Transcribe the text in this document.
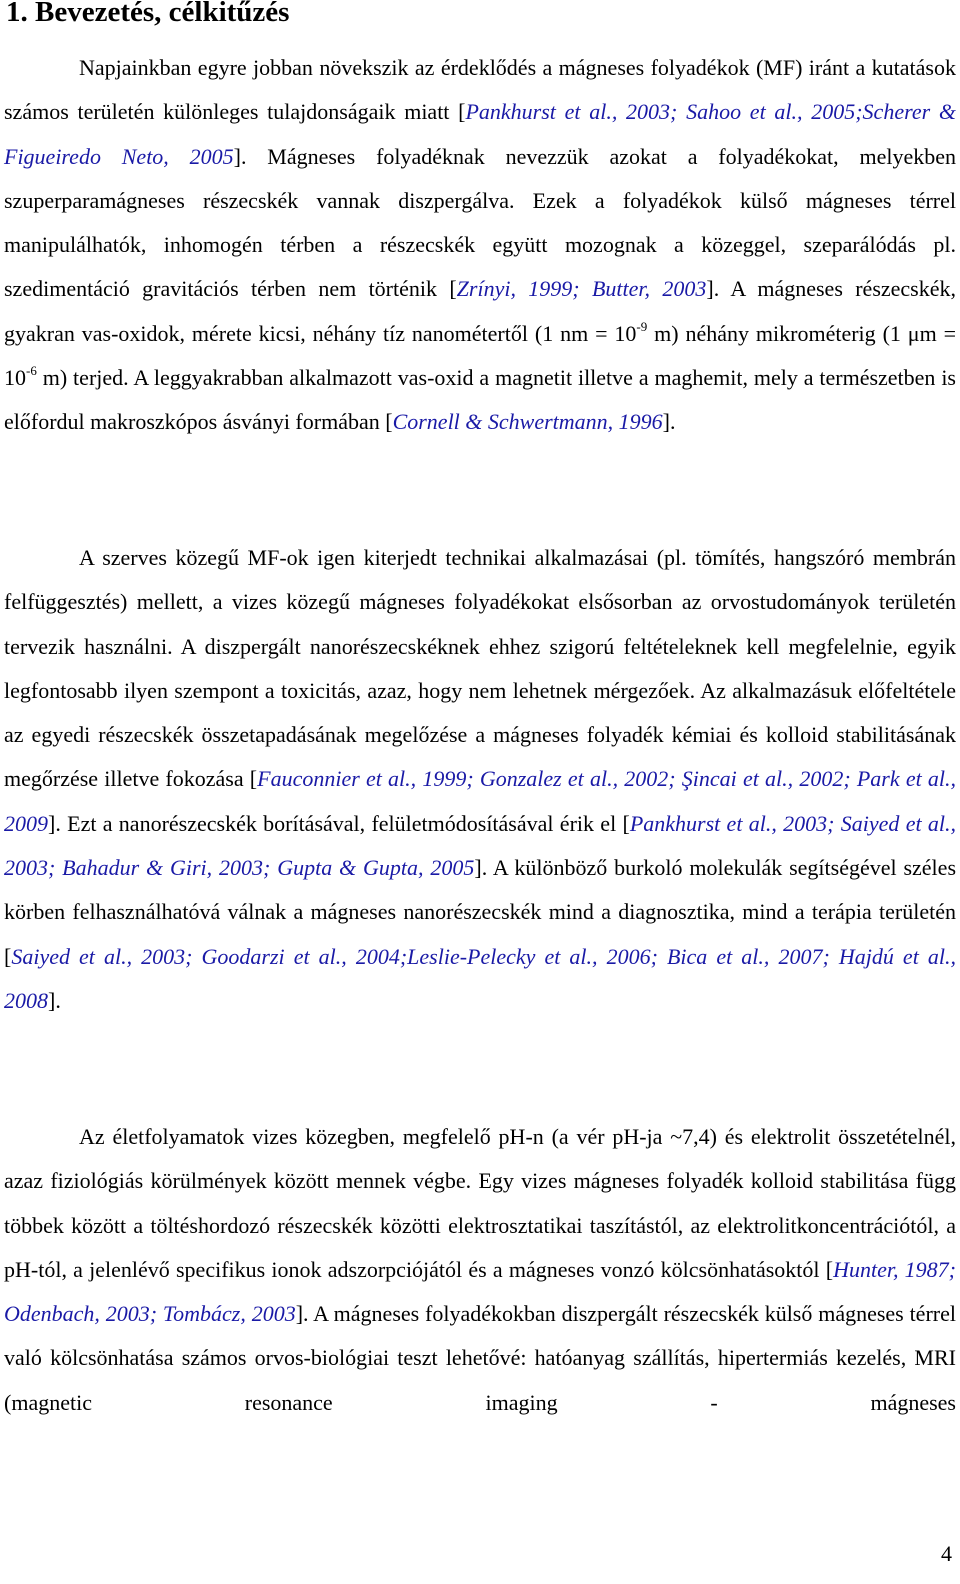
1. Bevezetés, célkitűzés

Napjainkban egyre jobban növekszik az érdeklődés a mágneses folyadékok (MF) iránt a kutatások számos területén különleges tulajdonságaik miatt [Pankhurst et al., 2003; Sahoo et al., 2005;Scherer & Figueiredo Neto, 2005]. Mágneses folyadéknak nevezzük azokat a folyadékokat, melyekben szuperparamágneses részecskék vannak diszpergálva. Ezek a folyadékok külső mágneses térrel manipulálhatók, inhomogén térben a részecskék együtt mozognak a közeggel, szeparálódás pl. szedimentáció gravitációs térben nem történik [Zrínyi, 1999; Butter, 2003]. A mágneses részecskék, gyakran vas-oxidok, mérete kicsi, néhány tíz nanométertől (1 nm = $10^{-9}$ m) néhány mikrométerig (1 $\mu m = 10^{-6}$ m) terjed. A leggyakrabban alkalmazott vas-oxid a magnetit illetve a maghemit, mely a természetben is előfordul makroszkópos ásványi formában [Cornell & Schwertmann, 1996].

A szerves közegű MF-ok igen kiterjedt technikai alkalmazásai (pl. tömítés, hangszóró membrán felfüggesztés) mellett, a vizes közegű mágneses folyadékokat elsősorban az orvostudományok területén tervezik használni. A diszpergált nanorészecskéknek ehhez szigorú feltételeknek kell megfelelnie, egyik legfontosabb ilyen szempont a toxicitás, azaz, hogy nem lehetnek mérgezőek. Az alkalmazásuk előfeltétele az egyedi részecskék összetapadásának megelőzése a mágneses folyadék kémiai és kolloid stabilitásának megőrzése illetve fokozása [Fauconnier et al., 1999; Gonzalez et al., 2002; Şincai et al., 2002; Park et al., 2009]. Ezt a nanorészecskék borításával, felületmódosításával érik el [Pankhurst et al., 2003; Saiyed et al., 2003; Bahadur & Giri, 2003; Gupta & Gupta, 2005]. A különböző burkoló molekulák segítségével széles körben felhasználhatóvá válnak a mágneses nanorészecskék mind a diagnosztika, mind a terápia területén [Saiyed et al., 2003; Goodarzi et al., 2004;Leslie-Pelecky et al., 2006; Bica et al., 2007; Hajdú et al., 2008].

Az életfolyamatok vizes közegben, megfelelő pH-n (a vér pH-ja ~7,4) és elektrolit összetételnél, azaz fiziológiás körülmények között mennek végbe. Egy vizes mágneses folyadék kolloid stabilitása függ többek között a töltéshordozó részecskék közötti elektrosztatikai taszítástól, az elektrolitkoncentrációtól, a pH-tól, a jelenlévő specifikus ionok adszorpciójától és a mágneses vonzó kölcsönhatásoktól [Hunter, 1987; Odenbach, 2003; Tombácz, 2003]. A mágneses folyadékokban diszpergált részecskék külső mágneses térrel való kölcsönhatása számos orvos-biológiai teszt lehetővé: hatóanyag szállítás, hipertermiás kezelés, MRI (magnetic resonance imaging - mágneses

4
